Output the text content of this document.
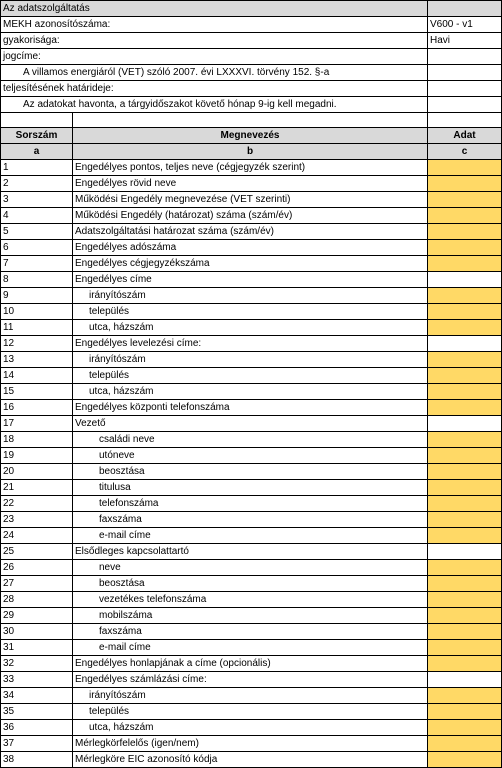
Az adatszolgáltatás		
MEKH azonosítószáma:		V600 - v1
gyakorisága:		Havi
jogcíme:		
A villamos energiáról (VET) szóló 2007. évi LXXXVI. törvény 152. §-a		
teljesítésének határideje:		
Az adatokat havonta, a tárgyidőszakot követő hónap 9-ig kell megadni.		

Sorszám	Megnevezés	Adat
a	b	c
1	Engedélyes pontos, teljes neve (cégjegyzék szerint)	
2	Engedélyes rövid neve	
3	Működési Engedély megnevezése (VET szerinti)	
4	Működési Engedély (határozat) száma (szám/év)	
5	Adatszolgáltatási határozat száma (szám/év)	
6	Engedélyes adószáma	
7	Engedélyes cégjegyzékszáma	
8	Engedélyes címe	
9	irányítószám	
10	település	
11	utca, házszám	
12	Engedélyes levelezési címe:	
13	irányítószám	
14	település	
15	utca, házszám	
16	Engedélyes központi telefonszáma	
17	Vezető	
18	családi neve	
19	utóneve	
20	beosztása	
21	titulusa	
22	telefonszáma	
23	faxszáma	
24	e-mail címe	
25	Elsődleges kapcsolattartó	
26	neve	
27	beosztása	
28	vezetékes telefonszáma	
29	mobilszáma	
30	faxszáma	
31	e-mail címe	
32	Engedélyes honlapjának a címe (opcionális)	
33	Engedélyes számlázási címe:	
34	irányítószám	
35	település	
36	utca, házszám	
37	Mérlegkörfelelős (igen/nem)	
38	Mérlegköre EIC azonosító kódja	
